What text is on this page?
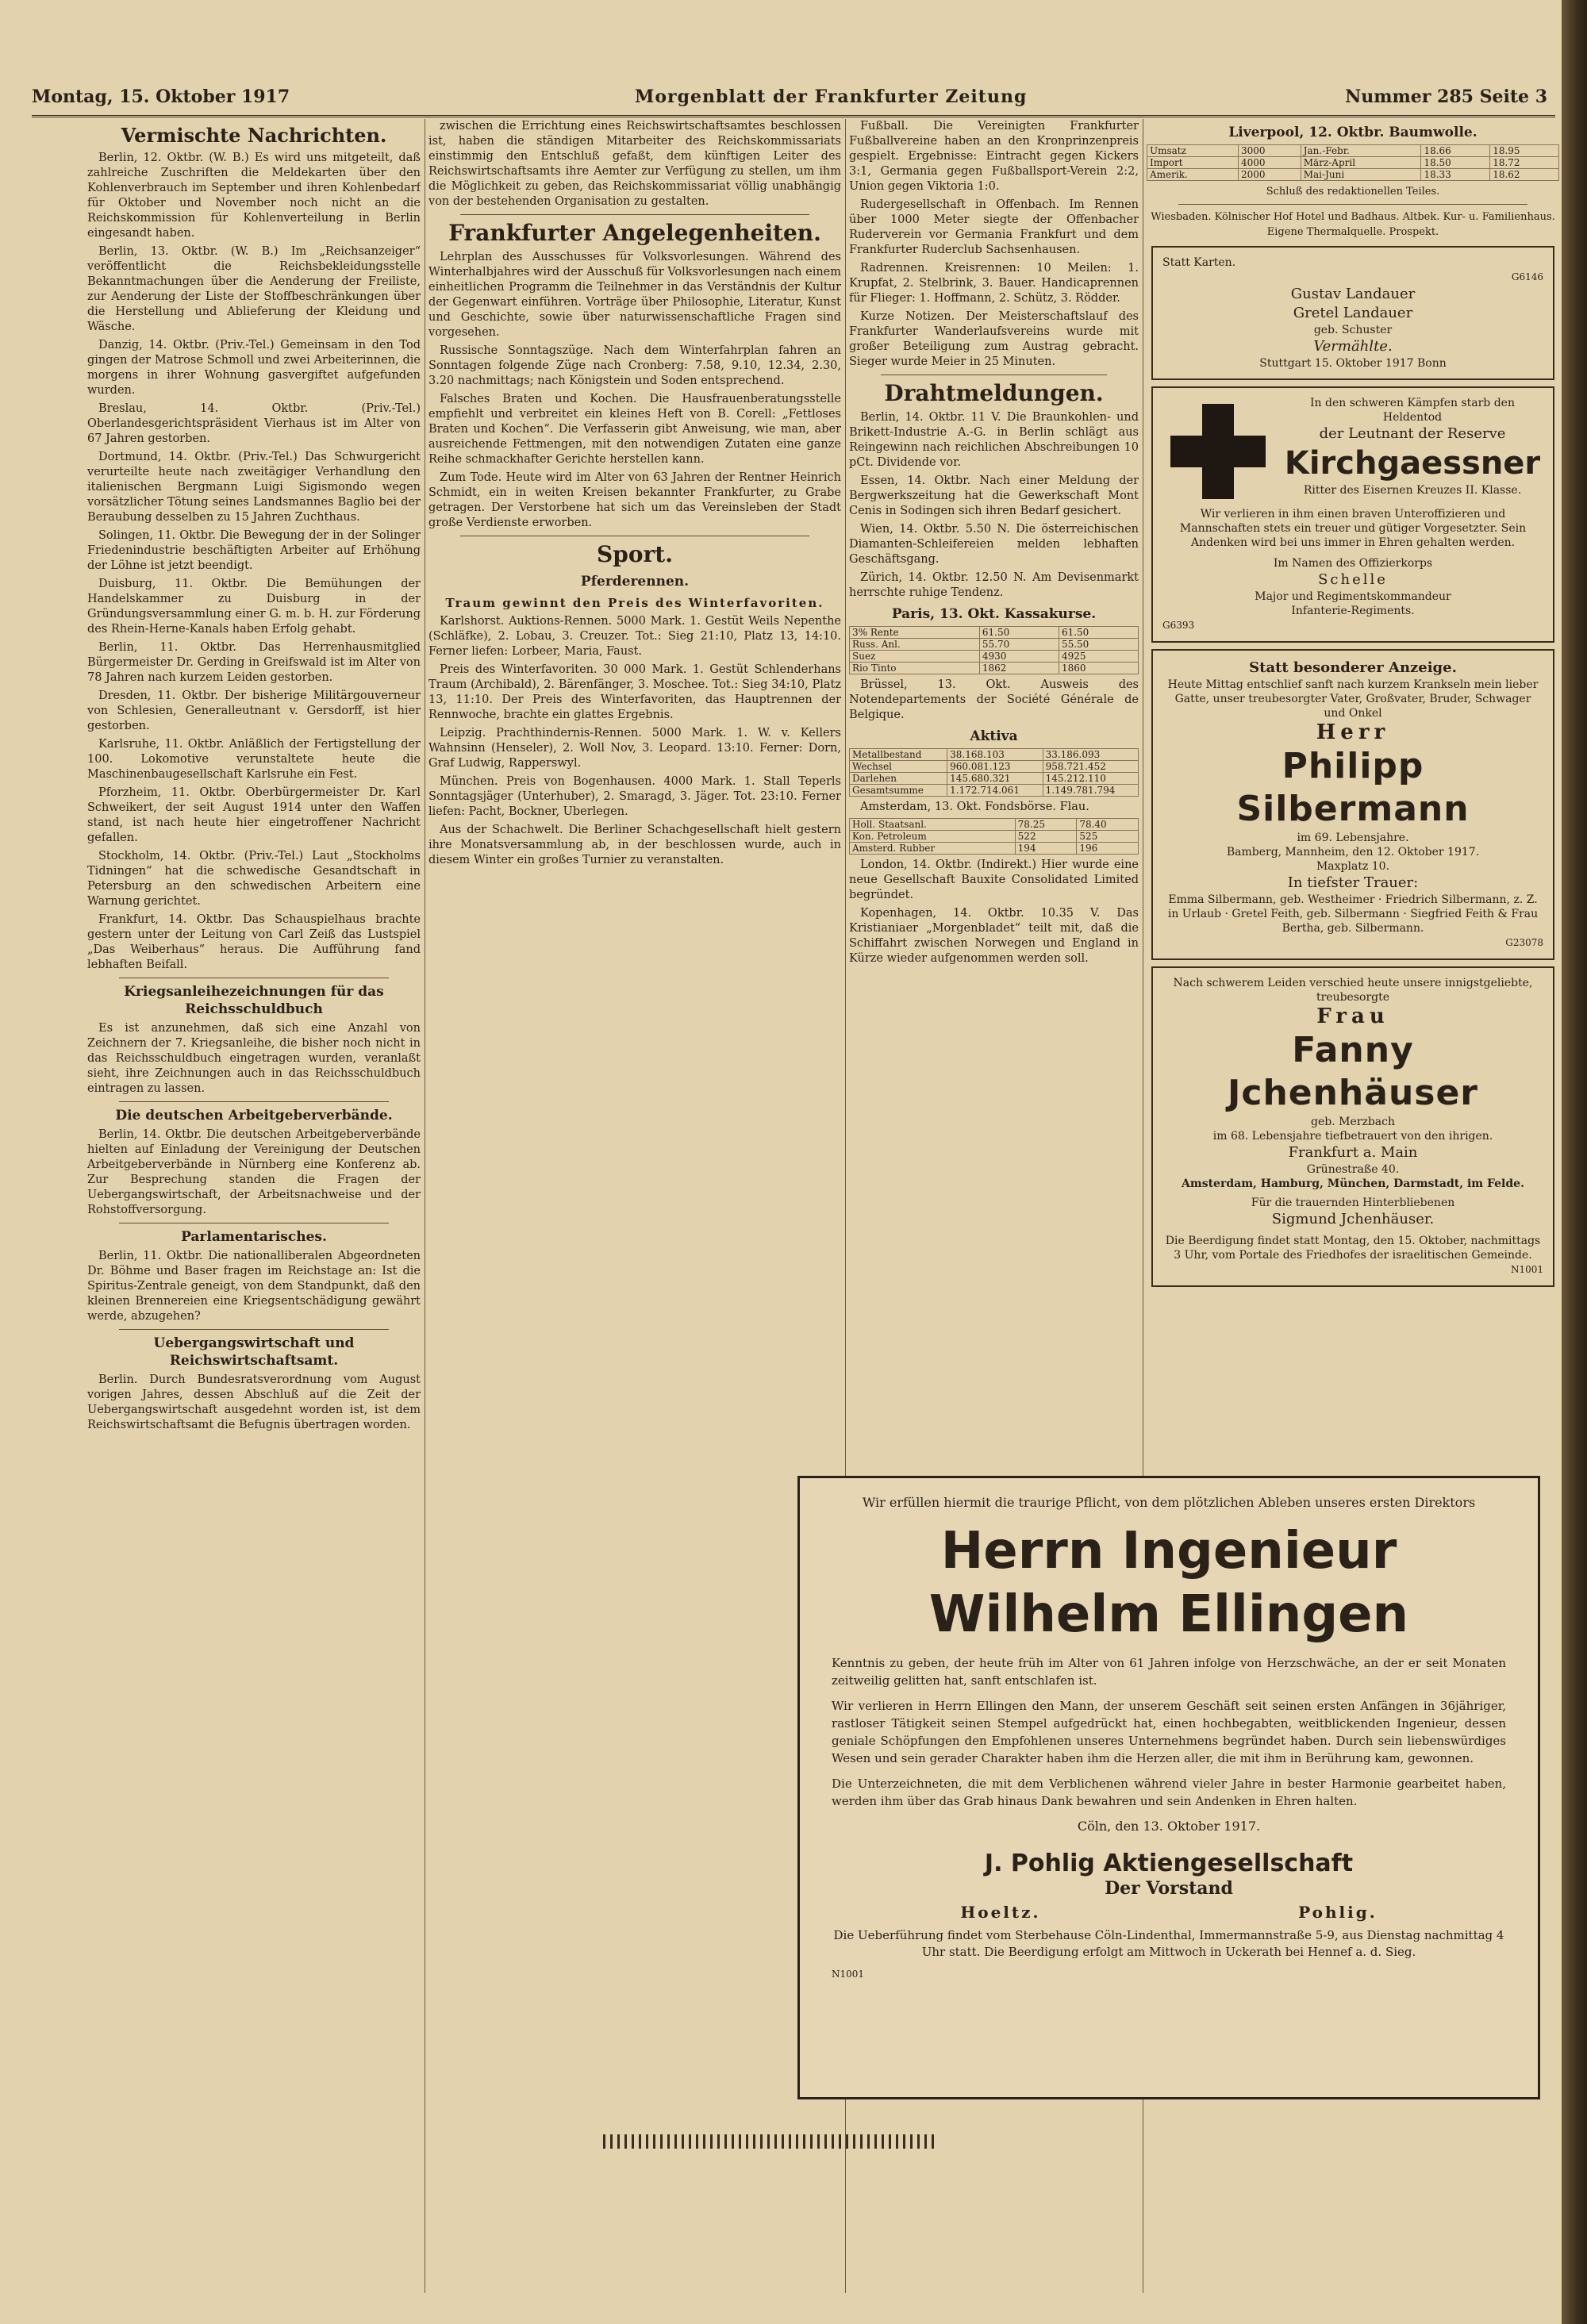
Montag, 15. Oktober 1917	Morgenblatt der Frankfurter Zeitung	Nummer 285 Seite 3
Vermischte Nachrichten.

Berlin, 12. Oktbr. (W. B.) Es wird uns mitgeteilt, daß zahlreiche Zuschriften die Meldekarten über den Kohlenverbrauch im September und ihren Kohlenbedarf für Oktober und November noch nicht an die Reichskommission für Kohlenverteilung in Berlin eingesandt haben.

Berlin, 13. Oktbr. (W. B.) Im „Reichsanzeiger“ veröffentlicht die Reichsbekleidungsstelle Bekanntmachungen über die Aenderung der Freiliste, zur Aenderung der Liste der Stoffbeschränkungen über die Herstellung und Ablieferung der Kleidung und Wäsche.

Danzig, 14. Oktbr. (Priv.-Tel.) Gemeinsam in den Tod gingen der Matrose Schmoll und zwei Arbeiterinnen, die morgens in ihrer Wohnung gasvergiftet aufgefunden wurden.

Breslau, 14. Oktbr. (Priv.-Tel.) Oberlandesgerichtspräsident Vierhaus ist im Alter von 67 Jahren gestorben.

Dortmund, 14. Oktbr. (Priv.-Tel.) Das Schwurgericht verurteilte heute nach zweitägiger Verhandlung den italienischen Bergmann Luigi Sigismondo wegen vorsätzlicher Tötung seines Landsmannes Baglio bei der Beraubung desselben zu 15 Jahren Zuchthaus.

Solingen, 11. Oktbr. Die Bewegung der in der Solinger Friedenindustrie beschäftigten Arbeiter auf Erhöhung der Löhne ist jetzt beendigt.

Duisburg, 11. Oktbr. Die Bemühungen der Handelskammer zu Duisburg in der Gründungsversammlung einer G. m. b. H. zur Förderung des Rhein-Herne-Kanals haben Erfolg gehabt.

Berlin, 11. Oktbr. Das Herrenhausmitglied Bürgermeister Dr. Gerding in Greifswald ist im Alter von 78 Jahren nach kurzem Leiden gestorben.

Dresden, 11. Oktbr. Der bisherige Militärgouverneur von Schlesien, Generalleutnant v. Gersdorff, ist hier gestorben.

Karlsruhe, 11. Oktbr. Anläßlich der Fertigstellung der 100. Lokomotive verunstaltete heute die Maschinenbaugesellschaft Karlsruhe ein Fest.

Pforzheim, 11. Oktbr. Oberbürgermeister Dr. Karl Schweikert, der seit August 1914 unter den Waffen stand, ist nach heute hier eingetroffener Nachricht gefallen.

Stockholm, 14. Oktbr. (Priv.-Tel.) Laut „Stockholms Tidningen“ hat die schwedische Gesandtschaft in Petersburg an den schwedischen Arbeitern eine Warnung gerichtet.

Frankfurt, 14. Oktbr. Das Schauspielhaus brachte gestern unter der Leitung von Carl Zeiß das Lustspiel „Das Weiberhaus“ heraus. Die Aufführung fand lebhaften Beifall.

Kriegsanleihezeichnungen für das Reichsschuldbuch

Es ist anzunehmen, daß sich eine Anzahl von Zeichnern der 7. Kriegsanleihe, die bisher noch nicht in das Reichsschuldbuch eingetragen wurden, veranlaßt sieht, ihre Zeichnungen auch in das Reichsschuldbuch eintragen zu lassen.

Die deutschen Arbeitgeberverbände.

Berlin, 14. Oktbr. Die deutschen Arbeitgeberverbände hielten auf Einladung der Vereinigung der Deutschen Arbeitgeberverbände in Nürnberg eine Konferenz ab. Zur Besprechung standen die Fragen der Uebergangswirtschaft, der Arbeitsnachweise und der Rohstoffversorgung.

Parlamentarisches.

Berlin, 11. Oktbr. Die nationalliberalen Abgeordneten Dr. Böhme und Baser fragen im Reichstage an: Ist die Spiritus-Zentrale geneigt, von dem Standpunkt, daß den kleinen Brennereien eine Kriegsentschädigung gewährt werde, abzugehen?

Uebergangswirtschaft und Reichswirtschaftsamt.

Berlin. Durch Bundesratsverordnung vom August vorigen Jahres, dessen Abschluß auf die Zeit der Uebergangswirtschaft ausgedehnt worden ist, ist dem Reichswirtschaftsamt die Befugnis übertragen worden.

zwischen die Errichtung eines Reichswirtschaftsamtes beschlossen ist, haben die ständigen Mitarbeiter des Reichskommissariats einstimmig den Entschluß gefaßt, dem künftigen Leiter des Reichswirtschaftsamts ihre Aemter zur Verfügung zu stellen, um ihm die Möglichkeit zu geben, das Reichskommissariat völlig unabhängig von der bestehenden Organisation zu gestalten.

Frankfurter Angelegenheiten.

Lehrplan des Ausschusses für Volksvorlesungen. Während des Winterhalbjahres wird der Ausschuß für Volksvorlesungen nach einem einheitlichen Programm die Teilnehmer in das Verständnis der Kultur der Gegenwart einführen. Vorträge über Philosophie, Literatur, Kunst und Geschichte, sowie über naturwissenschaftliche Fragen sind vorgesehen.

Russische Sonntagszüge. Nach dem Winterfahrplan fahren an Sonntagen folgende Züge nach Cronberg: 7.58, 9.10, 12.34, 2.30, 3.20 nachmittags; nach Königstein und Soden entsprechend.

Falsches Braten und Kochen. Die Hausfrauenberatungsstelle empfiehlt und verbreitet ein kleines Heft von B. Corell: „Fettloses Braten und Kochen“. Die Verfasserin gibt Anweisung, wie man, aber ausreichende Fettmengen, mit den notwendigen Zutaten eine ganze Reihe schmackhafter Gerichte herstellen kann.

Zum Tode. Heute wird im Alter von 63 Jahren der Rentner Heinrich Schmidt, ein in weiten Kreisen bekannter Frankfurter, zu Grabe getragen. Der Verstorbene hat sich um das Vereinsleben der Stadt große Verdienste erworben.

Sport.
Pferderennen.
Traum gewinnt den Preis des Winterfavoriten.

Karlshorst. Auktions-Rennen. 5000 Mark. 1. Gestüt Weils Nepenthe (Schläfke), 2. Lobau, 3. Creuzer. Tot.: Sieg 21:10, Platz 13, 14:10. Ferner liefen: Lorbeer, Maria, Faust.

Preis des Winterfavoriten. 30 000 Mark. 1. Gestüt Schlenderhans Traum (Archibald), 2. Bärenfänger, 3. Moschee. Tot.: Sieg 34:10, Platz 13, 11:10. Der Preis des Winterfavoriten, das Hauptrennen der Rennwoche, brachte ein glattes Ergebnis.

Leipzig. Prachthindernis-Rennen. 5000 Mark. 1. W. v. Kellers Wahnsinn (Henseler), 2. Woll Nov, 3. Leopard. 13:10. Ferner: Dorn, Graf Ludwig, Rapperswyl.

München. Preis von Bogenhausen. 4000 Mark. 1. Stall Teperls Sonntagsjäger (Unterhuber), 2. Smaragd, 3. Jäger. Tot. 23:10. Ferner liefen: Pacht, Bockner, Uberlegen.

Aus der Schachwelt. Die Berliner Schachgesellschaft hielt gestern ihre Monatsversammlung ab, in der beschlossen wurde, auch in diesem Winter ein großes Turnier zu veranstalten.

Fußball. Die Vereinigten Frankfurter Fußballvereine haben an den Kronprinzenpreis gespielt. Ergebnisse: Eintracht gegen Kickers 3:1, Germania gegen Fußballsport-Verein 2:2, Union gegen Viktoria 1:0.

Rudergesellschaft in Offenbach. Im Rennen über 1000 Meter siegte der Offenbacher Ruderverein vor Germania Frankfurt und dem Frankfurter Ruderclub Sachsenhausen.

Radrennen. Kreisrennen: 10 Meilen: 1. Krupfat, 2. Stelbrink, 3. Bauer. Handicaprennen für Flieger: 1. Hoffmann, 2. Schütz, 3. Rödder.

Kurze Notizen. Der Meisterschaftslauf des Frankfurter Wanderlaufsvereins wurde mit großer Beteiligung zum Austrag gebracht. Sieger wurde Meier in 25 Minuten.

Drahtmeldungen.

Berlin, 14. Oktbr. 11 V. Die Braunkohlen- und Brikett-Industrie A.-G. in Berlin schlägt aus Reingewinn nach reichlichen Abschreibungen 10 pCt. Dividende vor.

Essen, 14. Oktbr. Nach einer Meldung der Bergwerkszeitung hat die Gewerkschaft Mont Cenis in Sodingen sich ihren Bedarf gesichert.

Wien, 14. Oktbr. 5.50 N. Die österreichischen Diamanten-Schleifereien melden lebhaften Geschäftsgang.

Zürich, 14. Oktbr. 12.50 N. Am Devisenmarkt herrschte ruhige Tendenz.

Paris, 13. Okt. Kassakurse.
3% Rente	61.50	61.50
Russ. Anl.	55.70	55.50
Suez	4930	4925
Rio Tinto	1862	1860

Brüssel, 13. Okt. Ausweis des Notendepartements der Société Générale de Belgique.

Aktiva
Metallbestand	38.168.103	33.186.093
Wechsel	960.081.123	958.721.452
Darlehen	145.680.321	145.212.110
Gesamtsumme	1.172.714.061	1.149.781.794

Amsterdam, 13. Okt. Fondsbörse. Flau.

Holl. Staatsanl.	78.25	78.40
Kon. Petroleum	522	525
Amsterd. Rubber	194	196

London, 14. Oktbr. (Indirekt.) Hier wurde eine neue Gesellschaft Bauxite Consolidated Limited begründet.

Kopenhagen, 14. Oktbr. 10.35 V. Das Kristianiaer „Morgenbladet“ teilt mit, daß die Schiffahrt zwischen Norwegen und England in Kürze wieder aufgenommen werden soll.

Liverpool, 12. Oktbr. Baumwolle.
Umsatz	3000	Jan.-Febr.	18.66	18.95
Import	4000	März-April	18.50	18.72
Amerik.	2000	Mai-Juni	18.33	18.62
Schluß des redaktionellen Teiles.
Wiesbaden. Kölnischer Hof Hotel und Badhaus. Altbek. Kur- u. Familienhaus. Eigene Thermalquelle. Prospekt.
Statt Karten.
G6146
Gustav Landauer
Gretel Landauer
geb. Schuster
Vermählte.
Stuttgart 15. Oktober 1917 Bonn
In den schweren Kämpfen starb den Heldentod
der Leutnant der Reserve
Kirchgaessner
Ritter des Eisernen Kreuzes II. Klasse.
Wir verlieren in ihm einen braven Unteroffizieren und Mannschaften stets ein treuer und gütiger Vorgesetzter. Sein Andenken wird bei uns immer in Ehren gehalten werden.
Im Namen des Offizierkorps
Schelle
Major und Regimentskommandeur
Infanterie-Regiments.
G6393
Statt besonderer Anzeige.
Heute Mittag entschlief sanft nach kurzem Krankseln mein lieber Gatte, unser treubesorgter Vater, Großvater, Bruder, Schwager und Onkel
Herr
Philipp Silbermann
im 69. Lebensjahre.
Bamberg, Mannheim, den 12. Oktober 1917.
Maxplatz 10.
In tiefster Trauer:
Emma Silbermann, geb. Westheimer · Friedrich Silbermann, z. Z. in Urlaub · Gretel Feith, geb. Silbermann · Siegfried Feith & Frau Bertha, geb. Silbermann.
G23078
Nach schwerem Leiden verschied heute unsere innigstgeliebte, treubesorgte
Frau
Fanny Jchenhäuser
geb. Merzbach
im 68. Lebensjahre tiefbetrauert von den ihrigen.
Frankfurt a. Main
Grünestraße 40.
Amsterdam, Hamburg, München, Darmstadt, im Felde.
Für die trauernden Hinterbliebenen
Sigmund Jchenhäuser.
Die Beerdigung findet statt Montag, den 15. Oktober, nachmittags 3 Uhr, vom Portale des Friedhofes der israelitischen Gemeinde.
N1001
Wir erfüllen hiermit die traurige Pflicht, von dem plötzlichen Ableben unseres ersten Direktors
Herrn Ingenieur Wilhelm Ellingen
Kenntnis zu geben, der heute früh im Alter von 61 Jahren infolge von Herzschwäche, an der er seit Monaten zeitweilig gelitten hat, sanft entschlafen ist.
Wir verlieren in Herrn Ellingen den Mann, der unserem Geschäft seit seinen ersten Anfängen in 36jähriger, rastloser Tätigkeit seinen Stempel aufgedrückt hat, einen hochbegabten, weitblickenden Ingenieur, dessen geniale Schöpfungen den Empfohlenen unseres Unternehmens begründet haben. Durch sein liebenswürdiges Wesen und sein gerader Charakter haben ihm die Herzen aller, die mit ihm in Berührung kam, gewonnen.
Die Unterzeichneten, die mit dem Verblichenen während vieler Jahre in bester Harmonie gearbeitet haben, werden ihm über das Grab hinaus Dank bewahren und sein Andenken in Ehren halten.
Cöln, den 13. Oktober 1917.
J. Pohlig Aktiengesellschaft
Der Vorstand
Hoeltz.	Pohlig.
Die Ueberführung findet vom Sterbehause Cöln-Lindenthal, Immermannstraße 5-9, aus Dienstag nachmittag 4 Uhr statt. Die Beerdigung erfolgt am Mittwoch in Uckerath bei Hennef a. d. Sieg.
N1001
